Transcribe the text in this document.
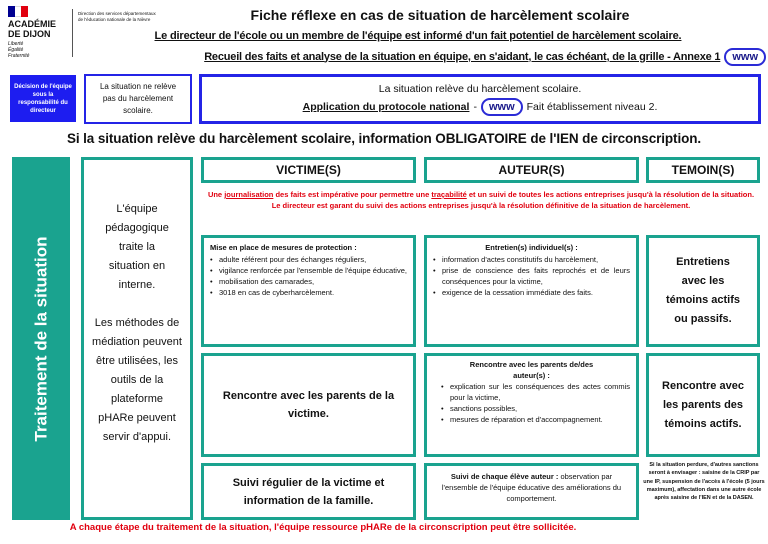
ACADÉMIE
DE DIJON
Liberté
Égalité
Fraternité
Direction des services départementaux de l'éducation nationale de la Nièvre	Fiche réflexe en cas de situation de harcèlement scolaire
Le directeur de l'école ou un membre de l'équipe est informé d'un fait potentiel de harcèlement scolaire.
Recueil des faits et analyse de la situation en équipe, en s'aidant, le cas échéant, de la grille - Annexe 1	www
Décision de l'équipe sous la responsabilité du directeur
La situation ne relève pas du harcèlement scolaire.
La situation relève du harcèlement scolaire.
Application du protocole national -	www	Fait établissement niveau 2.
Si la situation relève du harcèlement scolaire, information OBLIGATOIRE de l'IEN de circonscription.
Traitement de la situation
L'équipe pédagogique traite la situation en interne.
Les méthodes de médiation peuvent être utilisées, les outils de la plateforme pHARe peuvent servir d'appui.
VICTIME(S)	AUTEUR(S)	TEMOIN(S)
Une journalisation des faits est impérative pour permettre une traçabilité et un suivi de toutes les actions entreprises jusqu'à la résolution de la situation.
Le directeur est garant du suivi des actions entreprises jusqu'à la résolution définitive de la situation de harcèlement.
Mise en place de mesures de protection :
• adulte référent pour des échanges réguliers,
• vigilance renforcée par l'ensemble de l'équipe éducative,
• mobilisation des camarades,
• 3018 en cas de cyberharcèlement.
Rencontre avec les parents de la victime.
Suivi régulier de la victime et information de la famille.
Entretien(s) individuel(s) :
• information d'actes constitutifs du harcèlement,
• prise de conscience des faits reprochés et de leurs conséquences pour la victime,
• exigence de la cessation immédiate des faits.
Rencontre avec les parents de/des auteur(s) :
• explication sur les conséquences des actes commis pour la victime,
• sanctions possibles,
• mesures de réparation et d'accompagnement.
Suivi de chaque élève auteur : observation par l'ensemble de l'équipe éducative des améliorations du comportement.
Entretiens avec les témoins actifs ou passifs.
Rencontre avec les parents des témoins actifs.
Si la situation perdure, d'autres sanctions seront à envisager : saisine de la CRIP par une IP, suspension de l'accès à l'école (5 jours maximum), affectation dans une autre école après saisine de l'IEN et de la DASEN.
A chaque étape du traitement de la situation, l'équipe ressource pHARe de la circonscription peut être sollicitée.
